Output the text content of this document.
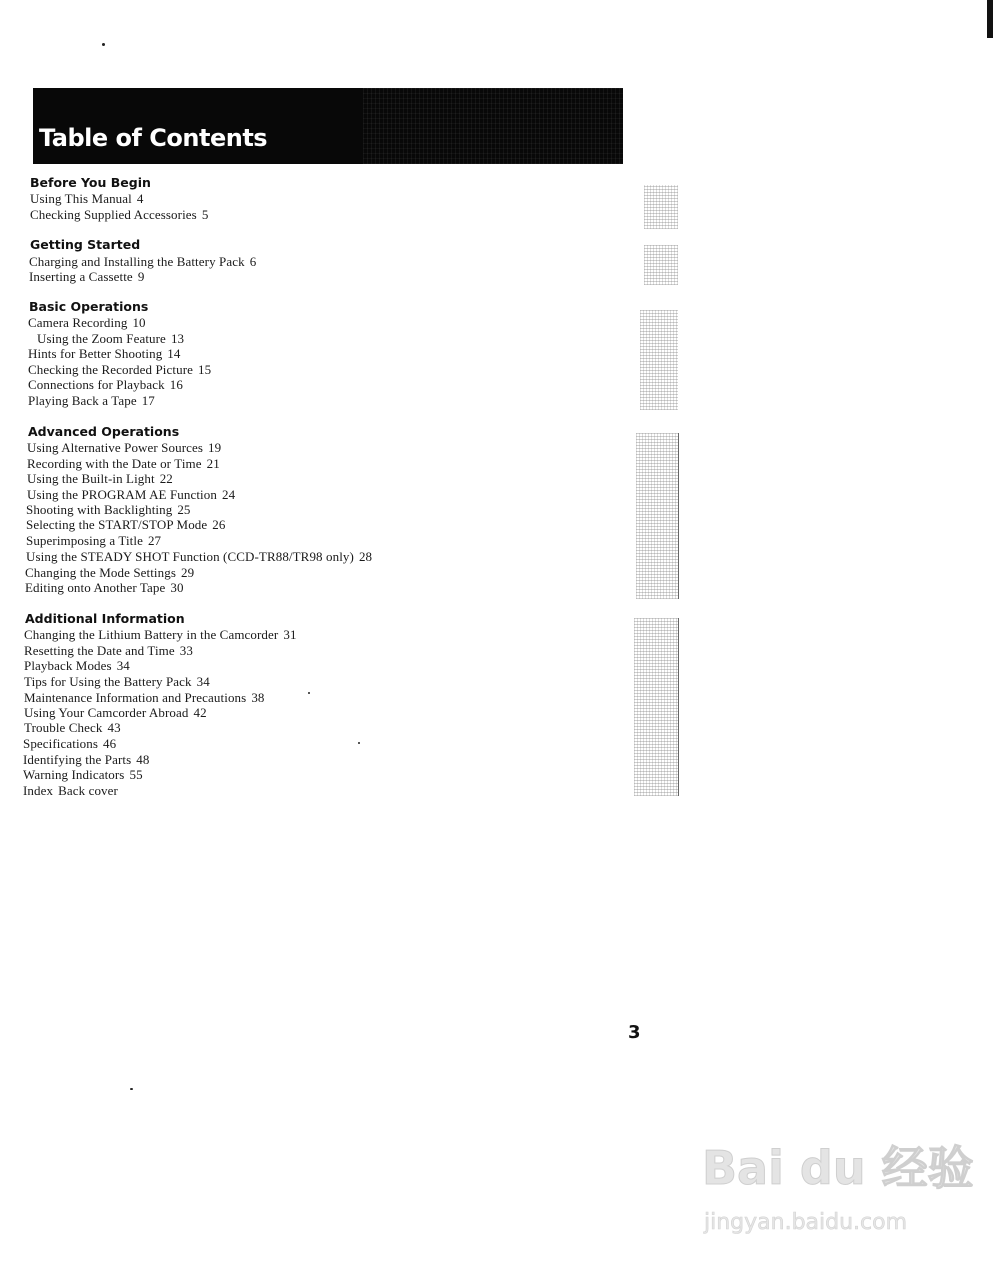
Table of Contents
Before You Begin
Using This Manual 4
Checking Supplied Accessories 5
Getting Started
Charging and Installing the Battery Pack 6
Inserting a Cassette 9
Basic Operations
Camera Recording 10
Using the Zoom Feature 13
Hints for Better Shooting 14
Checking the Recorded Picture 15
Connections for Playback 16
Playing Back a Tape 17
Advanced Operations
Using Alternative Power Sources 19
Recording with the Date or Time 21
Using the Built-in Light 22
Using the PROGRAM AE Function 24
Shooting with Backlighting 25
Selecting the START/STOP Mode 26
Superimposing a Title 27
Using the STEADY SHOT Function (CCD-TR88/TR98 only) 28
Changing the Mode Settings 29
Editing onto Another Tape 30
Additional Information
Changing the Lithium Battery in the Camcorder 31
Resetting the Date and Time 33
Playback Modes 34
Tips for Using the Battery Pack 34
Maintenance Information and Precautions 38
Using Your Camcorder Abroad 42
Trouble Check 43
Specifications 46
Identifying the Parts 48
Warning Indicators 55
Index Back cover
3
Bai du 经验
jingyan.baidu.com
